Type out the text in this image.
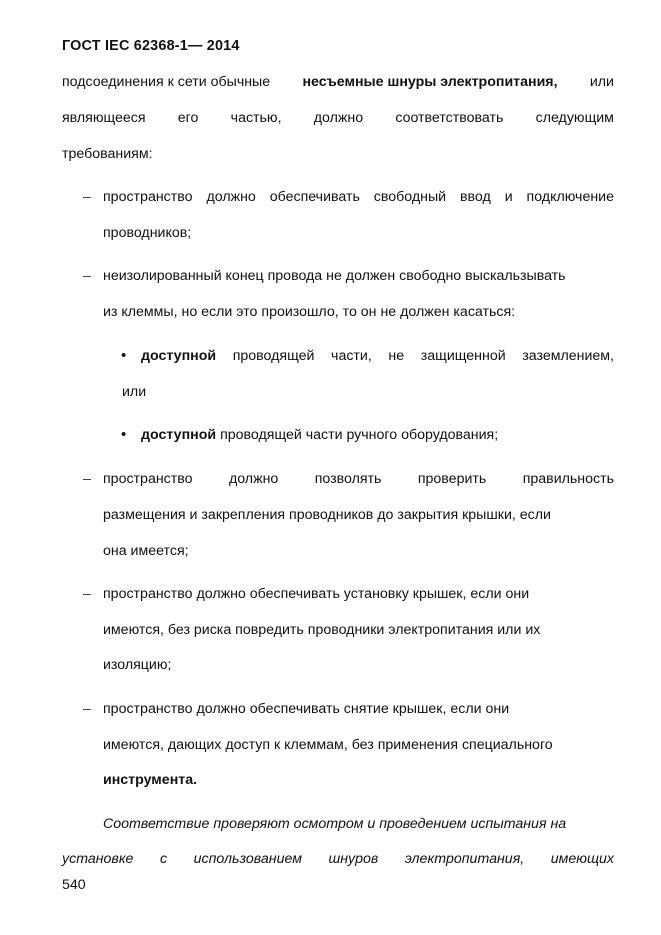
ГОСТ IEC 62368-1— 2014
подсоединения к сети обычные несъемные шнуры электропитания, или
являющееся его частью, должно соответствовать следующим
требованиям:
– пространство должно обеспечивать свободный ввод и подключение
проводников;
– неизолированный конец провода не должен свободно выскальзывать
из клеммы, но если это произошло, то он не должен касаться:
• доступной проводящей части, не защищенной заземлением,
или
• доступной проводящей части ручного оборудования;
– пространство	должно	позволять	проверить	правильность
размещения и закрепления проводников до закрытия крышки, если
она имеется;
– пространство должно обеспечивать установку крышек, если они
имеются, без риска повредить проводники электропитания или их
изоляцию;
– пространство должно обеспечивать снятие крышек, если они
имеются, дающих доступ к клеммам, без применения специального
инструмента.
Соответствие проверяют осмотром и проведением испытания на
установке с использованием шнуров электропитания, имеющих
540
